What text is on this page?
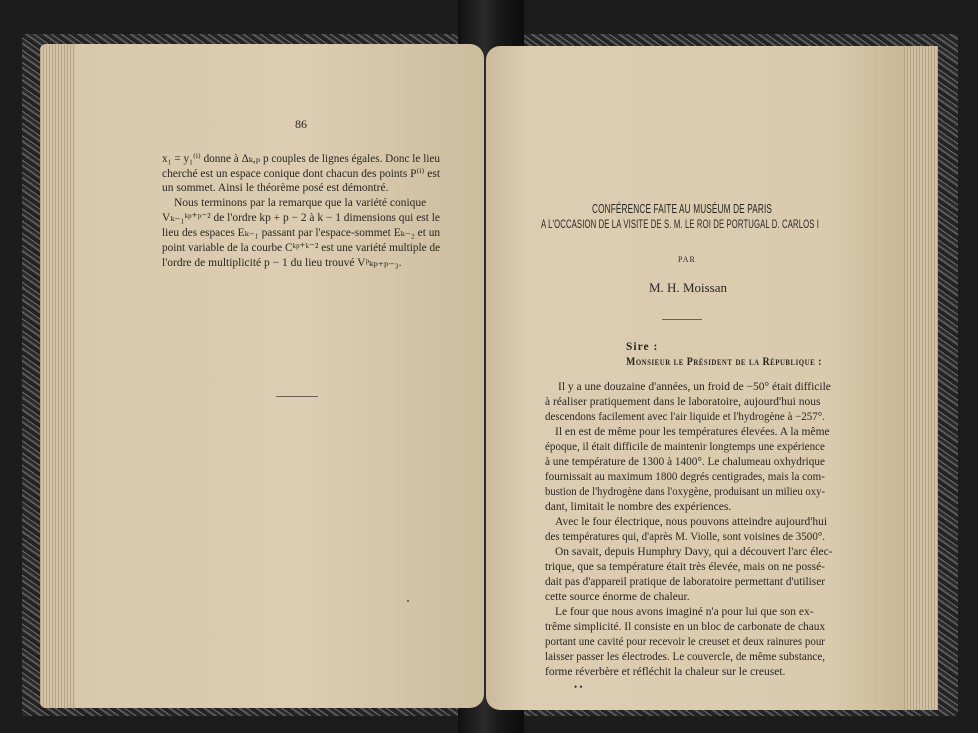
86
x₁ = y₁⁽ⁱ⁾ donne à Δₖ,ₚ p couples de lignes égales. Donc le lieu
cherché est un espace conique dont chacun des points P⁽ⁱ⁾ est
un sommet. Ainsi le théorème posé est démontré.
Nous terminons par la remarque que la variété conique
Vₖ₋₁ᵏᵖ⁺ᵖ⁻² de l'ordre kp + p − 2 à k − 1 dimensions qui est le
lieu des espaces Eₖ₋₁ passant par l'espace-sommet Eₖ₋₂ et un
point variable de la courbe Cᵏᵖ⁺ᵏ⁻² est une variété multiple de
l'ordre de multiplicité p − 1 du lieu trouvé Vᵖₖₚ₊ₚ₋₃.
CONFÉRENCE FAITE AU MUSÉUM DE PARIS
A L'OCCASION DE LA VISITE DE S. M. LE ROI DE PORTUGAL D. CARLOS I
PAR
M. H. Moissan
Sire :
Monsieur le Président de la République :
Il y a une douzaine d'années, un froid de −50° était difficile
à réaliser pratiquement dans le laboratoire, aujourd'hui nous
descendons facilement avec l'air liquide et l'hydrogène à −257°.
Il en est de même pour les températures élevées. A la même
époque, il était difficile de maintenir longtemps une expérience
à une température de 1300 à 1400°. Le chalumeau oxhydrique
fournissait au maximum 1800 degrés centigrades, mais la com-
bustion de l'hydrogène dans l'oxygène, produisant un milieu oxy-
dant, limitait le nombre des expériences.
Avec le four électrique, nous pouvons atteindre aujourd'hui
des températures qui, d'après M. Violle, sont voisines de 3500°.
On savait, depuis Humphry Davy, qui a découvert l'arc élec-
trique, que sa température était très élevée, mais on ne possé-
dait pas d'appareil pratique de laboratoire permettant d'utiliser
cette source énorme de chaleur.
Le four que nous avons imaginé n'a pour lui que son ex-
trême simplicité. Il consiste en un bloc de carbonate de chaux
portant une cavité pour recevoir le creuset et deux rainures pour
laisser passer les électrodes. Le couvercle, de même substance,
forme réverbère et réfléchit la chaleur sur le creuset.
• •
